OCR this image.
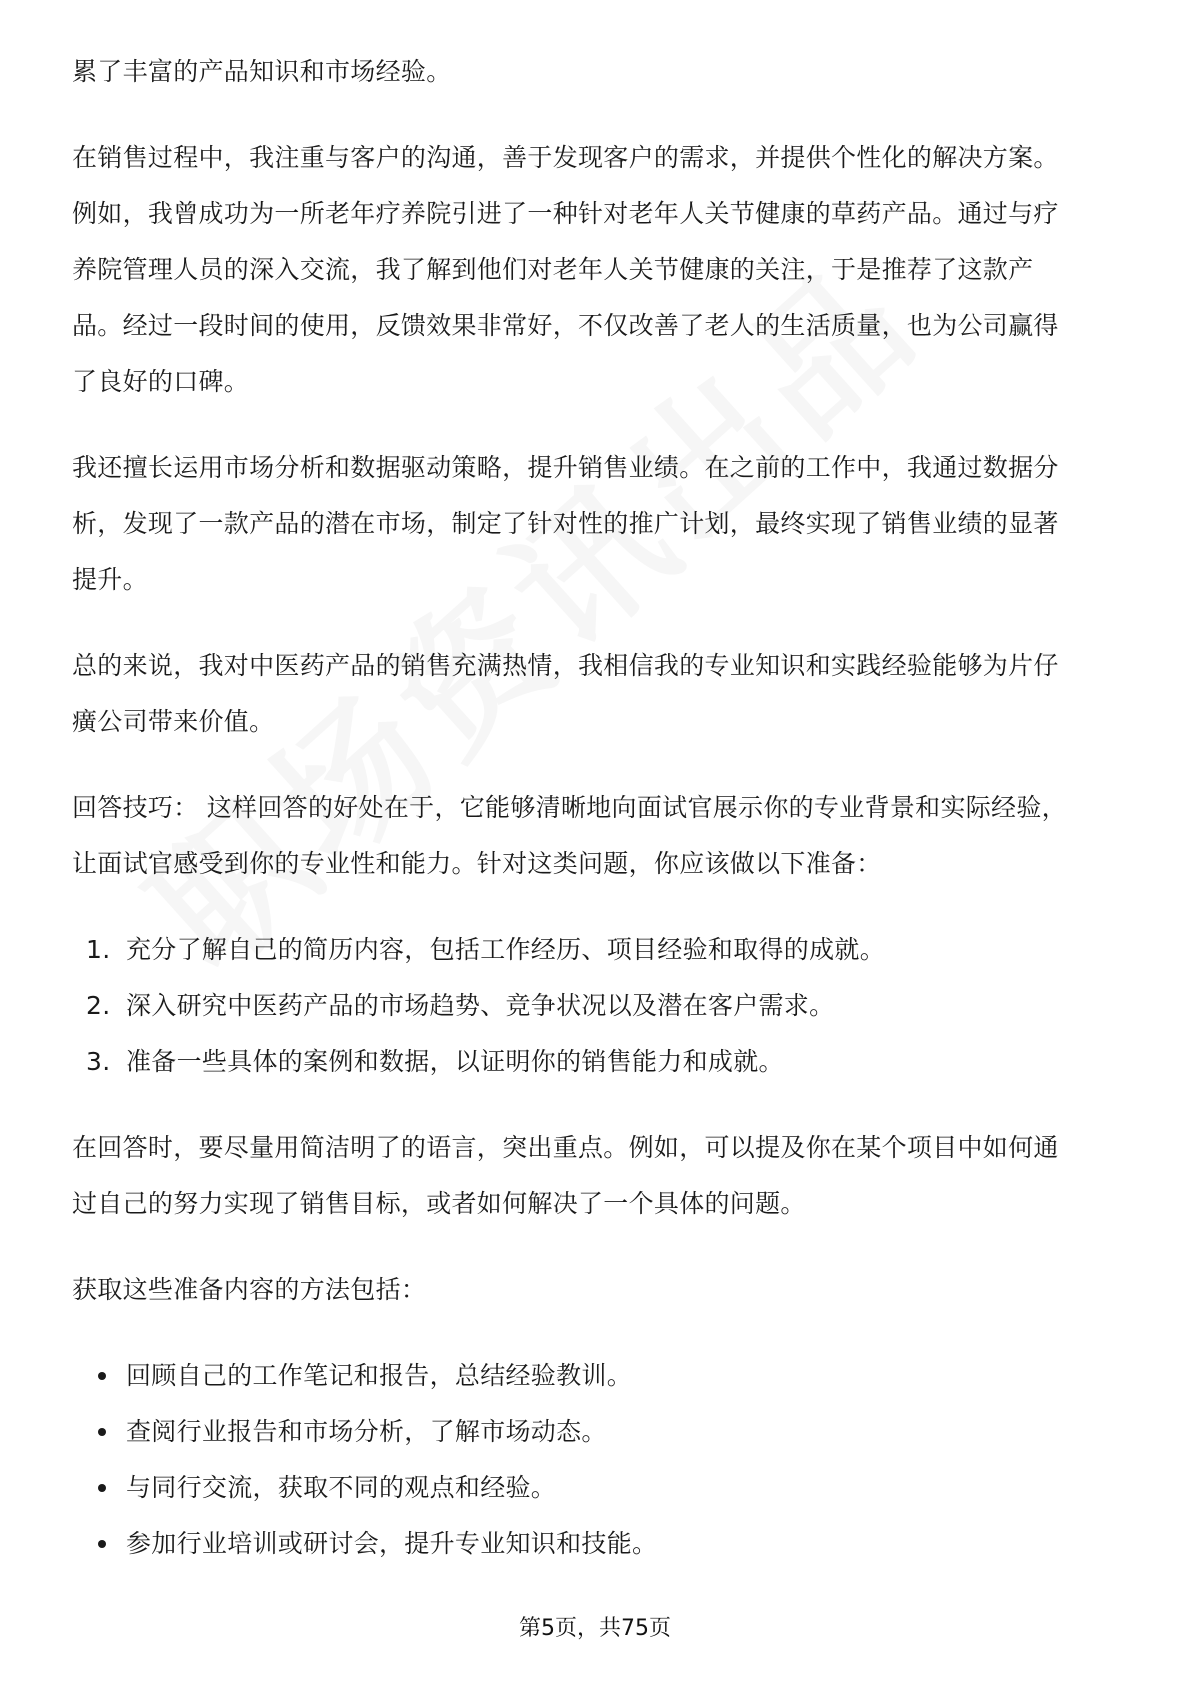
累了丰富的产品知识和市场经验。

在销售过程中，我注重与客户的沟通，善于发现客户的需求，并提供个性化的解决方案。例如，我曾成功为一所老年疗养院引进了一种针对老年人关节健康的草药产品。通过与疗养院管理人员的深入交流，我了解到他们对老年人关节健康的关注，于是推荐了这款产品。经过一段时间的使用，反馈效果非常好，不仅改善了老人的生活质量，也为公司赢得了良好的口碑。

我还擅长运用市场分析和数据驱动策略，提升销售业绩。在之前的工作中，我通过数据分析，发现了一款产品的潜在市场，制定了针对性的推广计划，最终实现了销售业绩的显著提升。

总的来说，我对中医药产品的销售充满热情，我相信我的专业知识和实践经验能够为片仔癀公司带来价值。

回答技巧： 这样回答的好处在于，它能够清晰地向面试官展示你的专业背景和实际经验，让面试官感受到你的专业性和能力。针对这类问题，你应该做以下准备：

1. 充分了解自己的简历内容，包括工作经历、项目经验和取得的成就。
2. 深入研究中医药产品的市场趋势、竞争状况以及潜在客户需求。
3. 准备一些具体的案例和数据，以证明你的销售能力和成就。

在回答时，要尽量用简洁明了的语言，突出重点。例如，可以提及你在某个项目中如何通过自己的努力实现了销售目标，或者如何解决了一个具体的问题。

获取这些准备内容的方法包括：

回顾自己的工作笔记和报告，总结经验教训。
查阅行业报告和市场分析，了解市场动态。
与同行交流，获取不同的观点和经验。
参加行业培训或研讨会，提升专业知识和技能。
第5页，共75页
